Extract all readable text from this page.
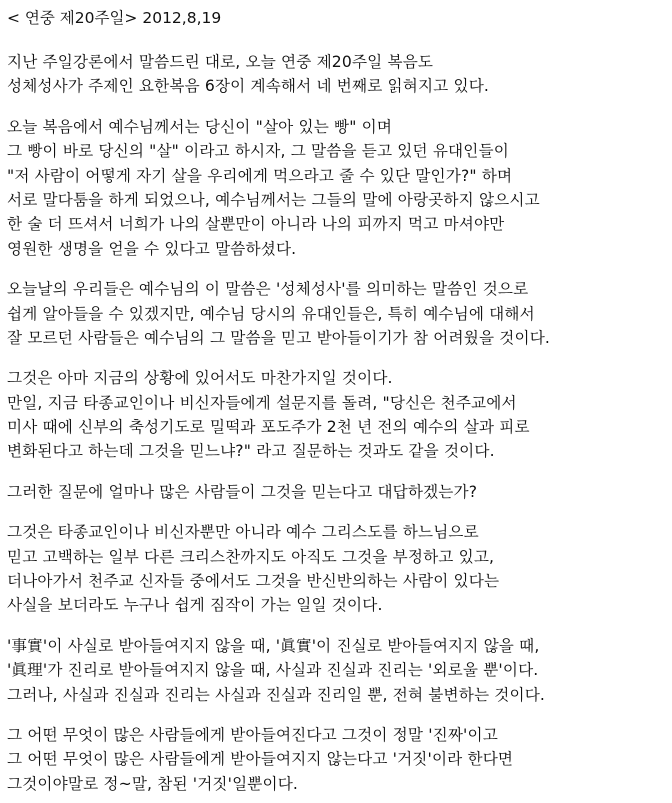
< 연중 제20주일> 2012,8,19
지난 주일강론에서 말씀드린 대로, 오늘 연중 제20주일 복음도
성체성사가 주제인 요한복음 6장이 계속해서 네 번째로 읽혀지고 있다.
오늘 복음에서 예수님께서는 당신이 "살아 있는 빵" 이며
그 빵이 바로 당신의 "살" 이라고 하시자, 그 말씀을 듣고 있던 유대인들이
"저 사람이 어떻게 자기 살을 우리에게 먹으라고 줄 수 있단 말인가?" 하며
서로 말다툼을 하게 되었으나, 예수님께서는 그들의 말에 아랑곳하지 않으시고
한 술 더 뜨셔서 너희가 나의 살뿐만이 아니라 나의 피까지 먹고 마셔야만
영원한 생명을 얻을 수 있다고 말씀하셨다.
오늘날의 우리들은 예수님의 이 말씀은 '성체성사'를 의미하는 말씀인 것으로
쉽게 알아들을 수 있겠지만, 예수님 당시의 유대인들은, 특히 예수님에 대해서
잘 모르던 사람들은 예수님의 그 말씀을 믿고 받아들이기가 참 어려웠을 것이다.
그것은 아마 지금의 상황에 있어서도 마찬가지일 것이다.
만일, 지금 타종교인이나 비신자들에게 설문지를 돌려, "당신은 천주교에서
미사 때에 신부의 축성기도로 밀떡과 포도주가 2천 년 전의 예수의 살과 피로
변화된다고 하는데 그것을 믿느냐?" 라고 질문하는 것과도 같을 것이다.
그러한 질문에 얼마나 많은 사람들이 그것을 믿는다고 대답하겠는가?
그것은 타종교인이나 비신자뿐만 아니라 예수 그리스도를 하느님으로
믿고 고백하는 일부 다른 크리스찬까지도 아직도 그것을 부정하고 있고,
더나아가서 천주교 신자들 중에서도 그것을 반신반의하는 사람이 있다는
사실을 보더라도 누구나 쉽게 짐작이 가는 일일 것이다.
'事實'이 사실로 받아들여지지 않을 때, '眞實'이 진실로 받아들여지지 않을 때,
'眞理'가 진리로 받아들여지지 않을 때, 사실과 진실과 진리는 '외로울 뿐'이다.
그러나, 사실과 진실과 진리는 사실과 진실과 진리일 뿐, 전혀 불변하는 것이다.
그 어떤 무엇이 많은 사람들에게 받아들여진다고 그것이 정말 '진짜'이고
그 어떤 무엇이 많은 사람들에게 받아들여지지 않는다고 '거짓'이라 한다면
그것이야말로 정~말, 참된 '거짓'일뿐이다.
